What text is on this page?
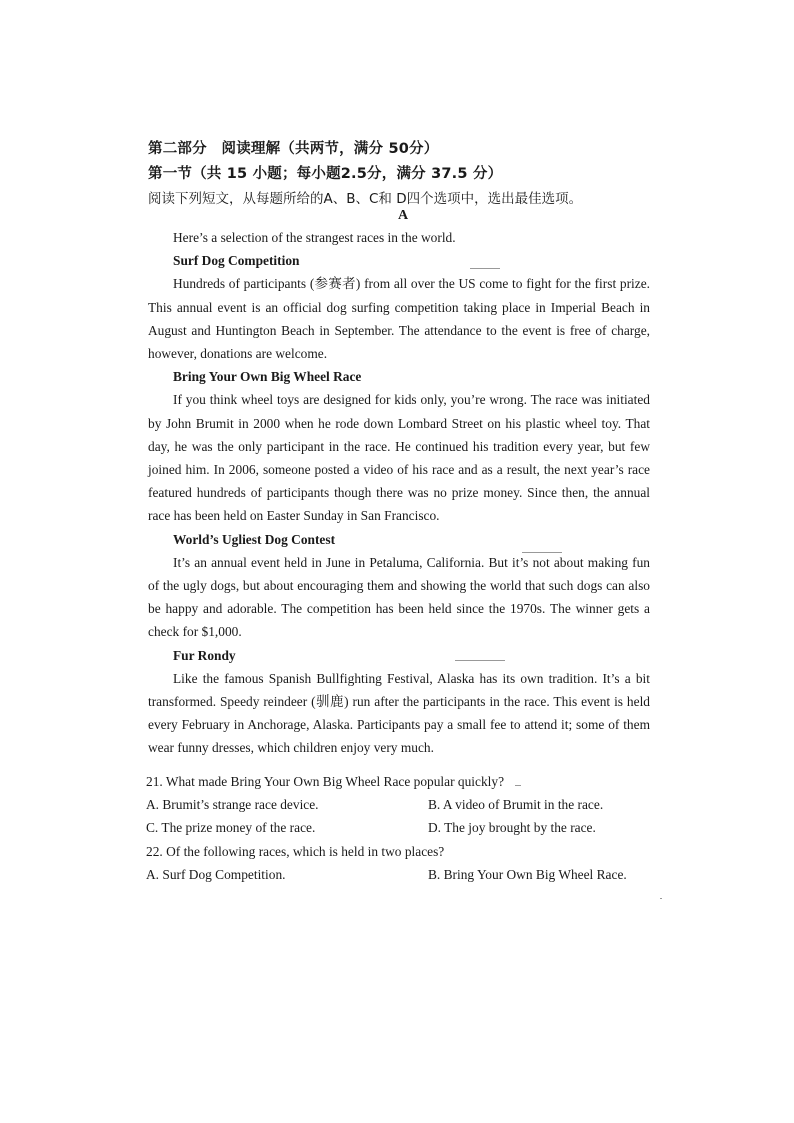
第二部分　阅读理解（共两节，满分 50分）
第一节（共 15 小题；每小题2.5分，满分 37.5 分）
阅读下列短文，从每题所给的A、B、C和 D四个选项中，选出最佳选项。
A

Here’s a selection of the strangest races in the world.

Surf Dog Competition

Hundreds of participants (参赛者) from all over the US come to fight for the first prize. This annual event is an official dog surfing competition taking place in Imperial Beach in August and Huntington Beach in September. The attendance to the event is free of charge, however, donations are welcome.

Bring Your Own Big Wheel Race

If you think wheel toys are designed for kids only, you’re wrong. The race was initiated by John Brumit in 2000 when he rode down Lombard Street on his plastic wheel toy. That day, he was the only participant in the race. He continued his tradition every year, but few joined him. In 2006, someone posted a video of his race and as a result, the next year’s race featured hundreds of participants though there was no prize money. Since then, the annual race has been held on Easter Sunday in San Francisco.

World’s Ugliest Dog Contest

It’s an annual event held in June in Petaluma, California. But it’s not about making fun of the ugly dogs, but about encouraging them and showing the world that such dogs can also be happy and adorable. The competition has been held since the 1970s. The winner gets a check for $1,000.

Fur Rondy

Like the famous Spanish Bullfighting Festival, Alaska has its own tradition. It’s a bit transformed. Speedy reindeer (驯鹿) run after the participants in the race. This event is held every February in Anchorage, Alaska. Participants pay a small fee to attend it; some of them wear funny dresses, which children enjoy very much.

21. What made Bring Your Own Big Wheel Race popular quickly?

A. Brumit’s strange race device.	B. A video of Brumit in the race.
C. The prize money of the race.	D. The joy brought by the race.

22. Of the following races, which is held in two places?

A. Surf Dog Competition.	B. Bring Your Own Big Wheel Race.
